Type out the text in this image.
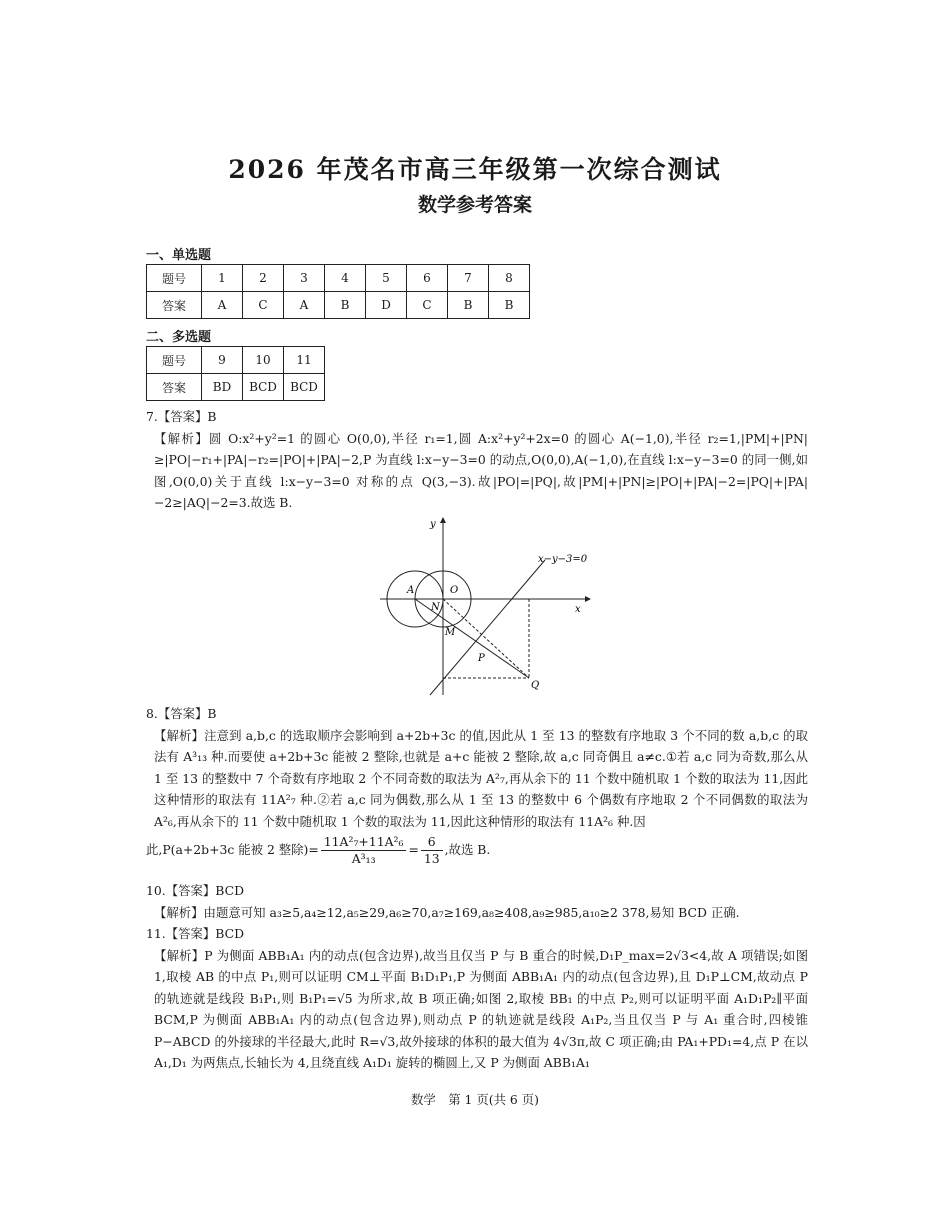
2026 年茂名市高三年级第一次综合测试
数学参考答案
一、单选题
题号	1	2	3	4	5	6	7	8
答案	A	C	A	B	D	C	B	B
二、多选题
题号	9	10	11
答案	BD	BCD	BCD
7.【答案】B
【解析】圆 O:x²+y²=1 的圆心 O(0,0),半径 r₁=1,圆 A:x²+y²+2x=0 的圆心 A(−1,0),半径 r₂=1,|PM|+|PN|≥|PO|−r₁+|PA|−r₂=|PO|+|PA|−2,P 为直线 l:x−y−3=0 的动点,O(0,0),A(−1,0),在直线 l:x−y−3=0 的同一侧,如图,O(0,0)关于直线 l:x−y−3=0 对称的点 Q(3,−3).故|PO|=|PQ|,故|PM|+|PN|≥|PO|+|PA|−2=|PQ|+|PA|−2≥|AQ|−2=3.故选 B.
y
x
x−y−3=0
A	O
N
M
P
Q
8.【答案】B
【解析】注意到 a,b,c 的选取顺序会影响到 a+2b+3c 的值,因此从 1 至 13 的整数有序地取 3 个不同的数 a,b,c 的取法有 A³₁₃ 种.而要使 a+2b+3c 能被 2 整除,也就是 a+c 能被 2 整除,故 a,c 同奇偶且 a≠c.①若 a,c 同为奇数,那么从 1 至 13 的整数中 7 个奇数有序地取 2 个不同奇数的取法为 A²₇,再从余下的 11 个数中随机取 1 个数的取法为 11,因此这种情形的取法有 11A²₇ 种.②若 a,c 同为偶数,那么从 1 至 13 的整数中 6 个偶数有序地取 2 个不同偶数的取法为 A²₆,再从余下的 11 个数中随机取 1 个数的取法为 11,因此这种情形的取法有 11A²₆ 种.因
此,P(a+2b+3c 能被 2 整除)= $\frac{\text{11A²₇+11A²₆}}{\text{A³₁₃}} = \frac{6}{13}$ ,故选 B.
10.【答案】BCD
【解析】由题意可知 a₃≥5,a₄≥12,a₅≥29,a₆≥70,a₇≥169,a₈≥408,a₉≥985,a₁₀≥2 378,易知 BCD 正确.
11.【答案】BCD
【解析】P 为侧面 ABB₁A₁ 内的动点(包含边界),故当且仅当 P 与 B 重合的时候,D₁P_max=2√3<4,故 A 项错误;如图 1,取棱 AB 的中点 P₁,则可以证明 CM⊥平面 B₁D₁P₁,P 为侧面 ABB₁A₁ 内的动点(包含边界),且 D₁P⊥CM,故动点 P 的轨迹就是线段 B₁P₁,则 B₁P₁=√5 为所求,故 B 项正确;如图 2,取棱 BB₁ 的中点 P₂,则可以证明平面 A₁D₁P₂∥平面 BCM,P 为侧面 ABB₁A₁ 内的动点(包含边界),则动点 P 的轨迹就是线段 A₁P₂,当且仅当 P 与 A₁ 重合时,四棱锥 P−ABCD 的外接球的半径最大,此时 R=√3,故外接球的体积的最大值为 4√3π,故 C 项正确;由 PA₁+PD₁=4,点 P 在以 A₁,D₁ 为两焦点,长轴长为 4,且绕直线 A₁D₁ 旋转的椭圆上,又 P 为侧面 ABB₁A₁
数学　第 1 页(共 6 页)
